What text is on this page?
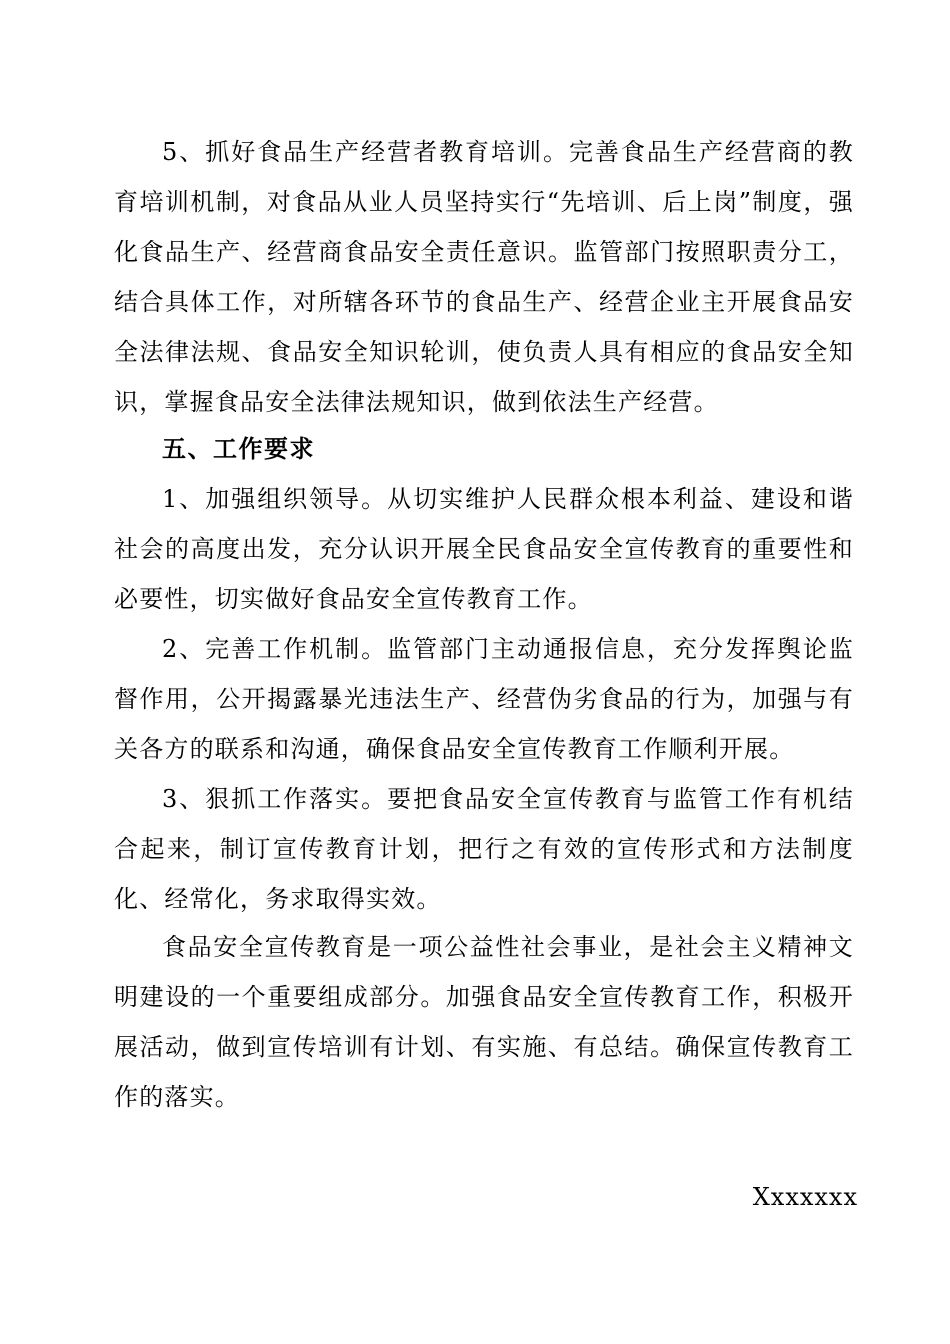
5、抓好食品生产经营者教育培训。完善食品生产经营商的教育培训机制，对食品从业人员坚持实行“先培训、后上岗”制度，强化食品生产、经营商食品安全责任意识。监管部门按照职责分工，结合具体工作，对所辖各环节的食品生产、经营企业主开展食品安全法律法规、食品安全知识轮训，使负责人具有相应的食品安全知识，掌握食品安全法律法规知识，做到依法生产经营。

五、工作要求

1、加强组织领导。从切实维护人民群众根本利益、建设和谐社会的高度出发，充分认识开展全民食品安全宣传教育的重要性和必要性，切实做好食品安全宣传教育工作。

2、完善工作机制。监管部门主动通报信息，充分发挥舆论监督作用，公开揭露暴光违法生产、经营伪劣食品的行为，加强与有关各方的联系和沟通，确保食品安全宣传教育工作顺利开展。

3、狠抓工作落实。要把食品安全宣传教育与监管工作有机结合起来，制订宣传教育计划，把行之有效的宣传形式和方法制度化、经常化，务求取得实效。

食品安全宣传教育是一项公益性社会事业，是社会主义精神文明建设的一个重要组成部分。加强食品安全宣传教育工作，积极开展活动，做到宣传培训有计划、有实施、有总结。确保宣传教育工作的落实。

Xxxxxxx
